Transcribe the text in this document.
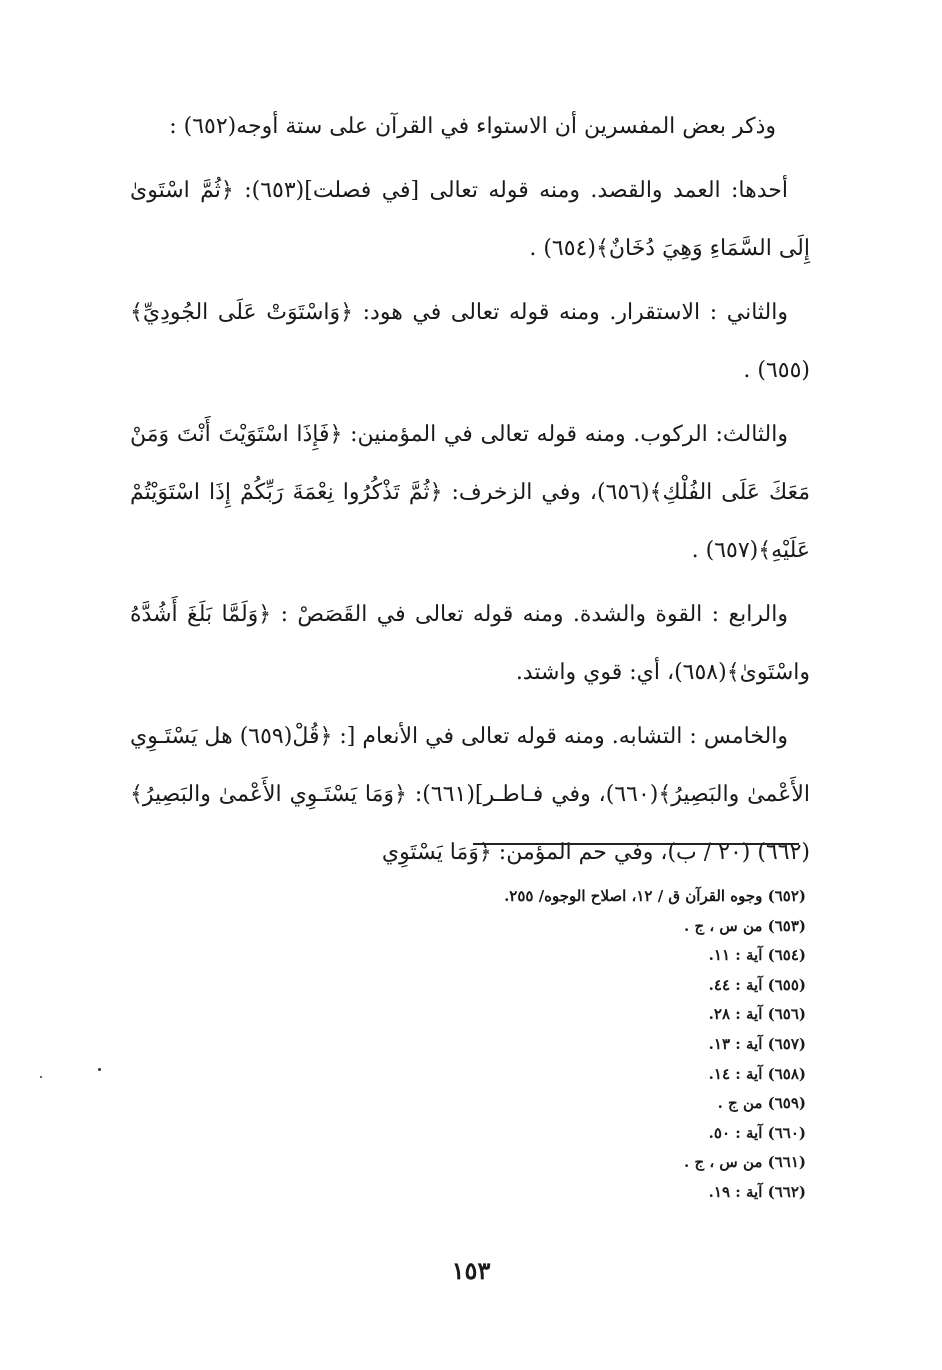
وذكر بعض المفسرين أن الاستواء في القرآن على ستة أوجه(٦٥٢) :

أحدها: العمد والقصد. ومنه قوله تعالى [في فصلت](٦٥٣): ﴿ثُمَّ اسْتَوىٰ إِلَى السَّمَاءِ وَهِيَ دُخَانٌ﴾(٦٥٤) .

والثاني : الاستقرار. ومنه قوله تعالى في هود: ﴿وَاسْتَوَتْ عَلَى الجُودِيِّ﴾(٦٥٥) .

والثالث: الركوب. ومنه قوله تعالى في المؤمنين: ﴿فَإِذَا اسْتَوَيْتَ أَنْتَ وَمَنْ مَعَكَ عَلَى الفُلْكِ﴾(٦٥٦)، وفي الزخرف: ﴿ثُمَّ تَذْكُرُوا نِعْمَةَ رَبِّكُمْ إِذَا اسْتَوَيْتُمْ عَلَيْهِ﴾(٦٥٧) .

والرابع : القوة والشدة. ومنه قوله تعالى في القَصَصْ : ﴿وَلَمَّا بَلَغَ أَشُدَّهُ واسْتَوىٰ﴾(٦٥٨)، أي: قوي واشتد.

والخامس : التشابه. ومنه قوله تعالى في الأنعام [: ﴿قُلْ(٦٥٩) هل يَسْتَـوِي الأَعْمىٰ والبَصِيرُ﴾(٦٦٠)، وفي فـاطـر](٦٦١): ﴿وَمَا يَسْتَـوِي الأَعْمىٰ والبَصِيرُ﴾(٦٦٢) (٢٠ / ب)، وفي حم المؤمن: ﴿وَمَا يَسْتَوِي

(٦٥٢) وجوه القرآن ق / ١٢، اصلاح الوجوه/ ٢٥٥.
(٦٥٣) من س ، ج .
(٦٥٤) آية : ١١.
(٦٥٥) آية : ٤٤.
(٦٥٦) آية : ٢٨.
(٦٥٧) آية : ١٣.
(٦٥٨) آية : ١٤.
(٦٥٩) من ج .
(٦٦٠) آية : ٥٠.
(٦٦١) من س ، ج .
(٦٦٢) آية : ١٩.
١٥٣
